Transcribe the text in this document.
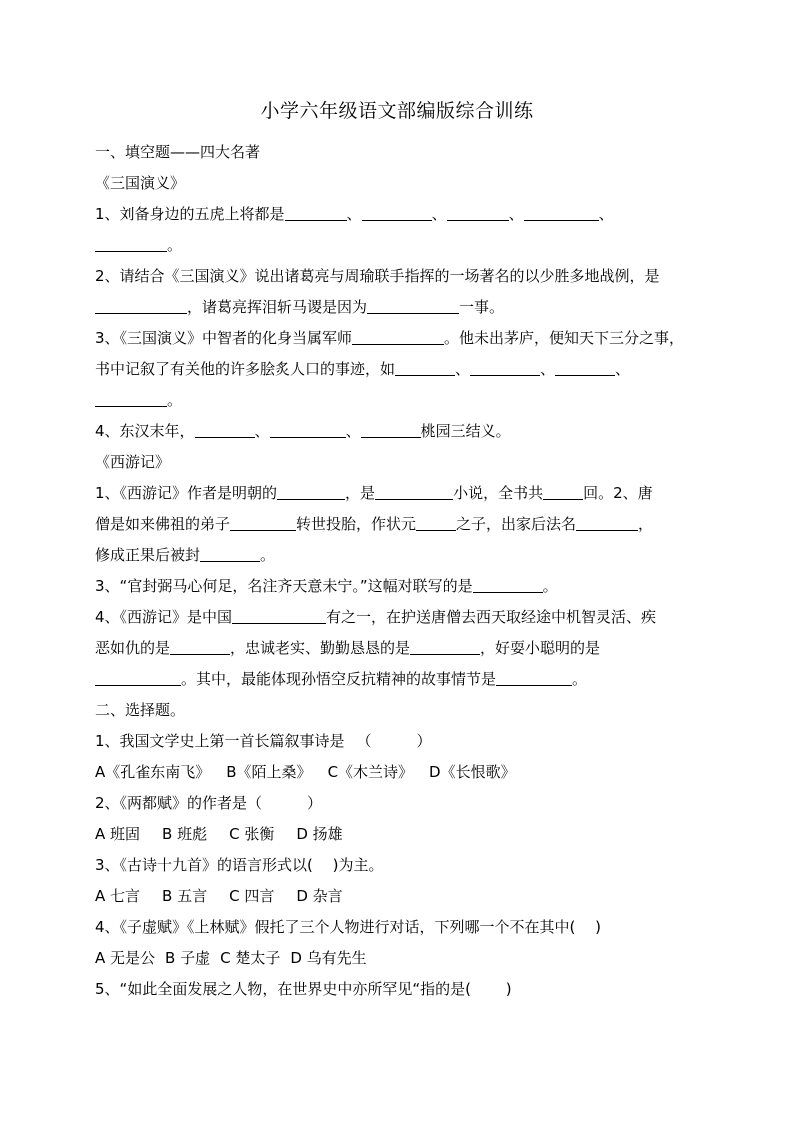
小学六年级语文部编版综合训练
一、填空题——四大名著
《三国演义》
1、刘备身边的五虎上将都是	、	、	、	、
。
2、请结合《三国演义》说出诸葛亮与周瑜联手指挥的一场著名的以少胜多地战例，是
，诸葛亮挥泪斩马谡是因为	一事。
3、《三国演义》中智者的化身当属军师	。他未出茅庐，便知天下三分之事，
书中记叙了有关他的许多脍炙人口的事迹，如	、	、	、
。
4、东汉末年，	、	、	桃园三结义。
《西游记》
1、《西游记》作者是明朝的	，是	小说，全书共	回。2、唐
僧是如来佛祖的弟子	转世投胎，作状元	之子，出家后法名	，
修成正果后被封	。
3、“官封弼马心何足，名注齐天意未宁。”这幅对联写的是	。
4、《西游记》是中国	有之一，在护送唐僧去西天取经途中机智灵活、疾
恶如仇的是	，忠诚老实、勤勤恳恳的是	，好耍小聪明的是
。其中，最能体现孙悟空反抗精神的故事情节是	。
二、选择题。
1、我国文学史上第一首长篇叙事诗是 （　　　）
A《孔雀东南飞》 B《陌上桑》 C《木兰诗》 D《长恨歌》
2、《两都赋》的作者是（　　　）
A 班固 B 班彪 C 张衡 D 扬雄
3、《古诗十九首》的语言形式以(　 )为主。
A 七言 B 五言 C 四言 D 杂言
4、《子虚赋》《上林赋》假托了三个人物进行对话，下列哪一个不在其中(　 )
A 无是公 B 子虚 C 楚太子 D 乌有先生
5、“如此全面发展之人物，在世界史中亦所罕见“指的是(　　 )
